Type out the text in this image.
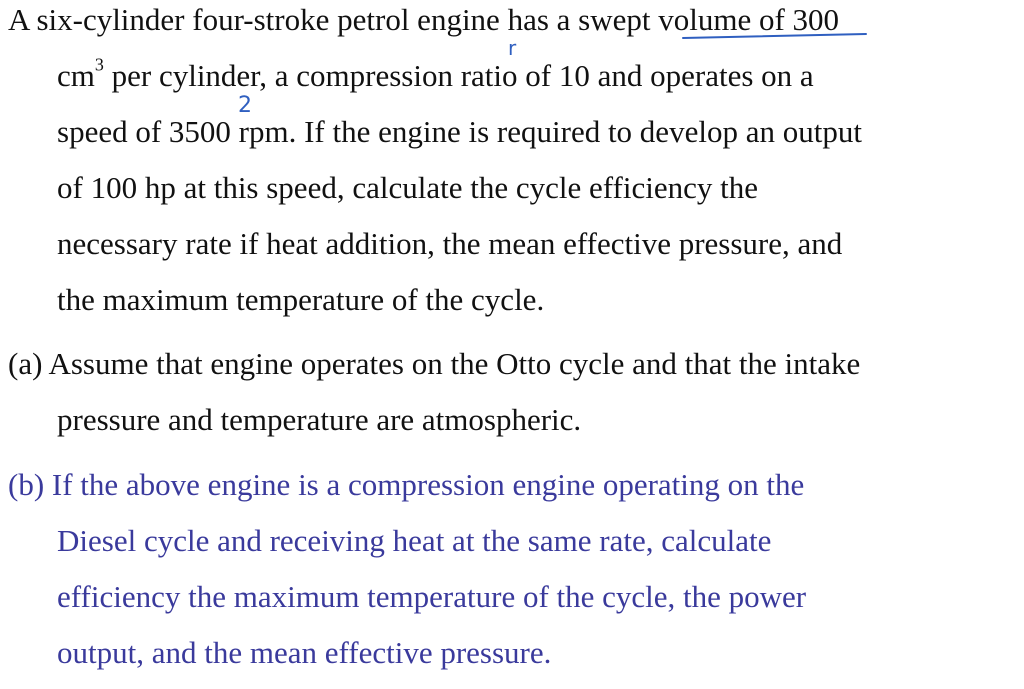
A six-cylinder four-stroke petrol engine has a swept volume of 300
$cm^3$ per cylinder, a compression ratio of 10 and operates on a
speed of 3500 rpm. If the engine is required to develop an output
of 100 hp at this speed, calculate the cycle efficiency the
necessary rate if heat addition, the mean effective pressure, and
the maximum temperature of the cycle.
(a) Assume that engine operates on the Otto cycle and that the intake
pressure and temperature are atmospheric.
(b) If the above engine is a compression engine operating on the
Diesel cycle and receiving heat at the same rate, calculate
efficiency the maximum temperature of the cycle, the power
output, and the mean effective pressure.
r
2
